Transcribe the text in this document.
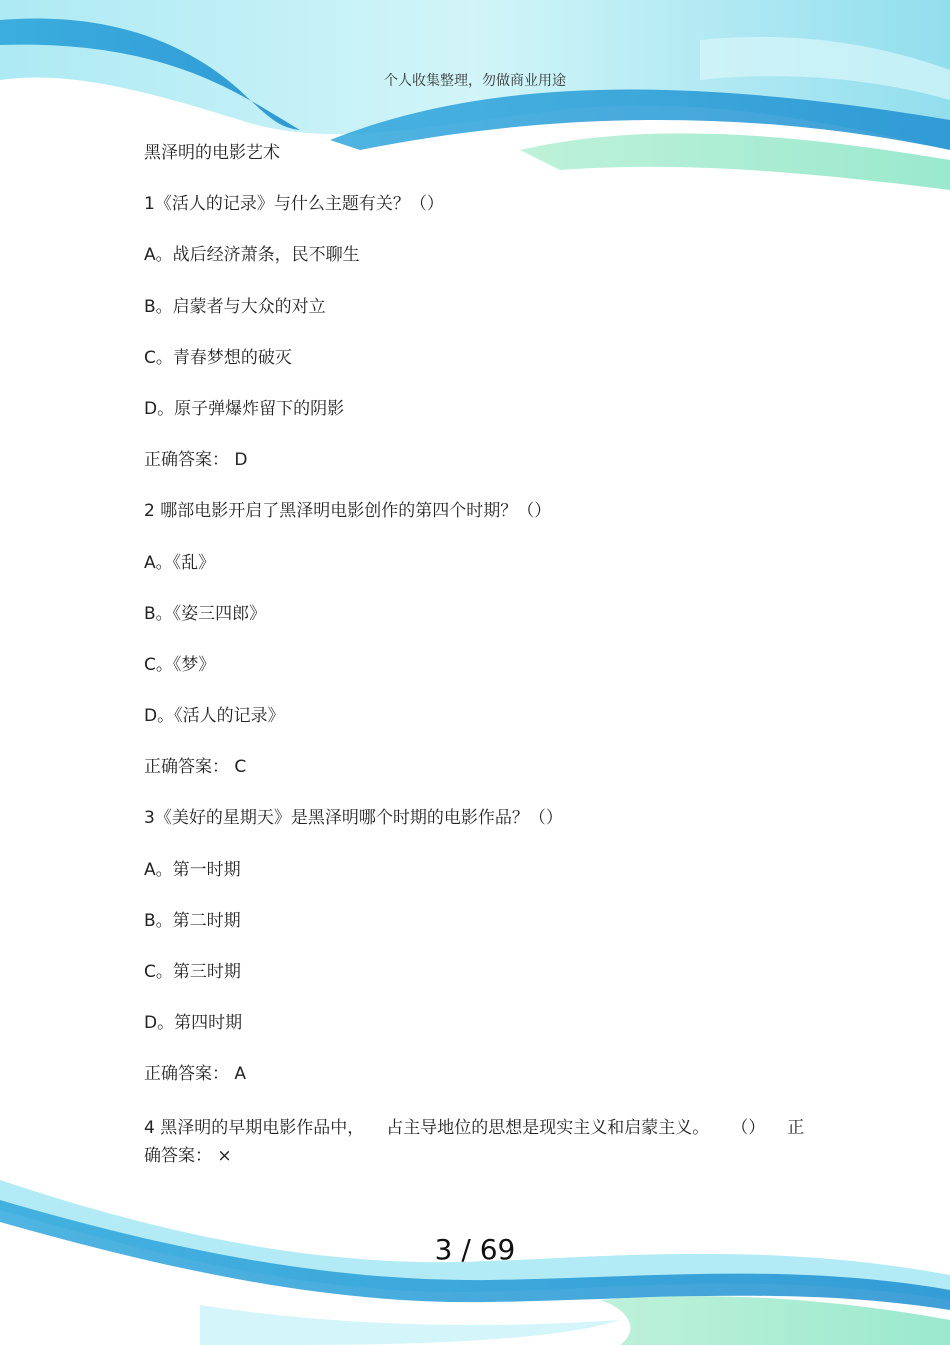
个人收集整理，勿做商业用途
黑泽明的电影艺术
1《活人的记录》与什么主题有关？（）
A。战后经济萧条，民不聊生
B。启蒙者与大众的对立
C。青春梦想的破灭
D。原子弹爆炸留下的阴影
正确答案： D
2 哪部电影开启了黑泽明电影创作的第四个时期？（）
A。《乱》
B。《姿三四郎》
C。《梦》
D。《活人的记录》
正确答案： C
3《美好的星期天》是黑泽明哪个时期的电影作品？（）
A。第一时期
B。第二时期
C。第三时期
D。第四时期
正确答案： A
4 黑泽明的早期电影作品中， 占主导地位的思想是现实主义和启蒙主义。 （） 正
确答案： ×
3 / 69
